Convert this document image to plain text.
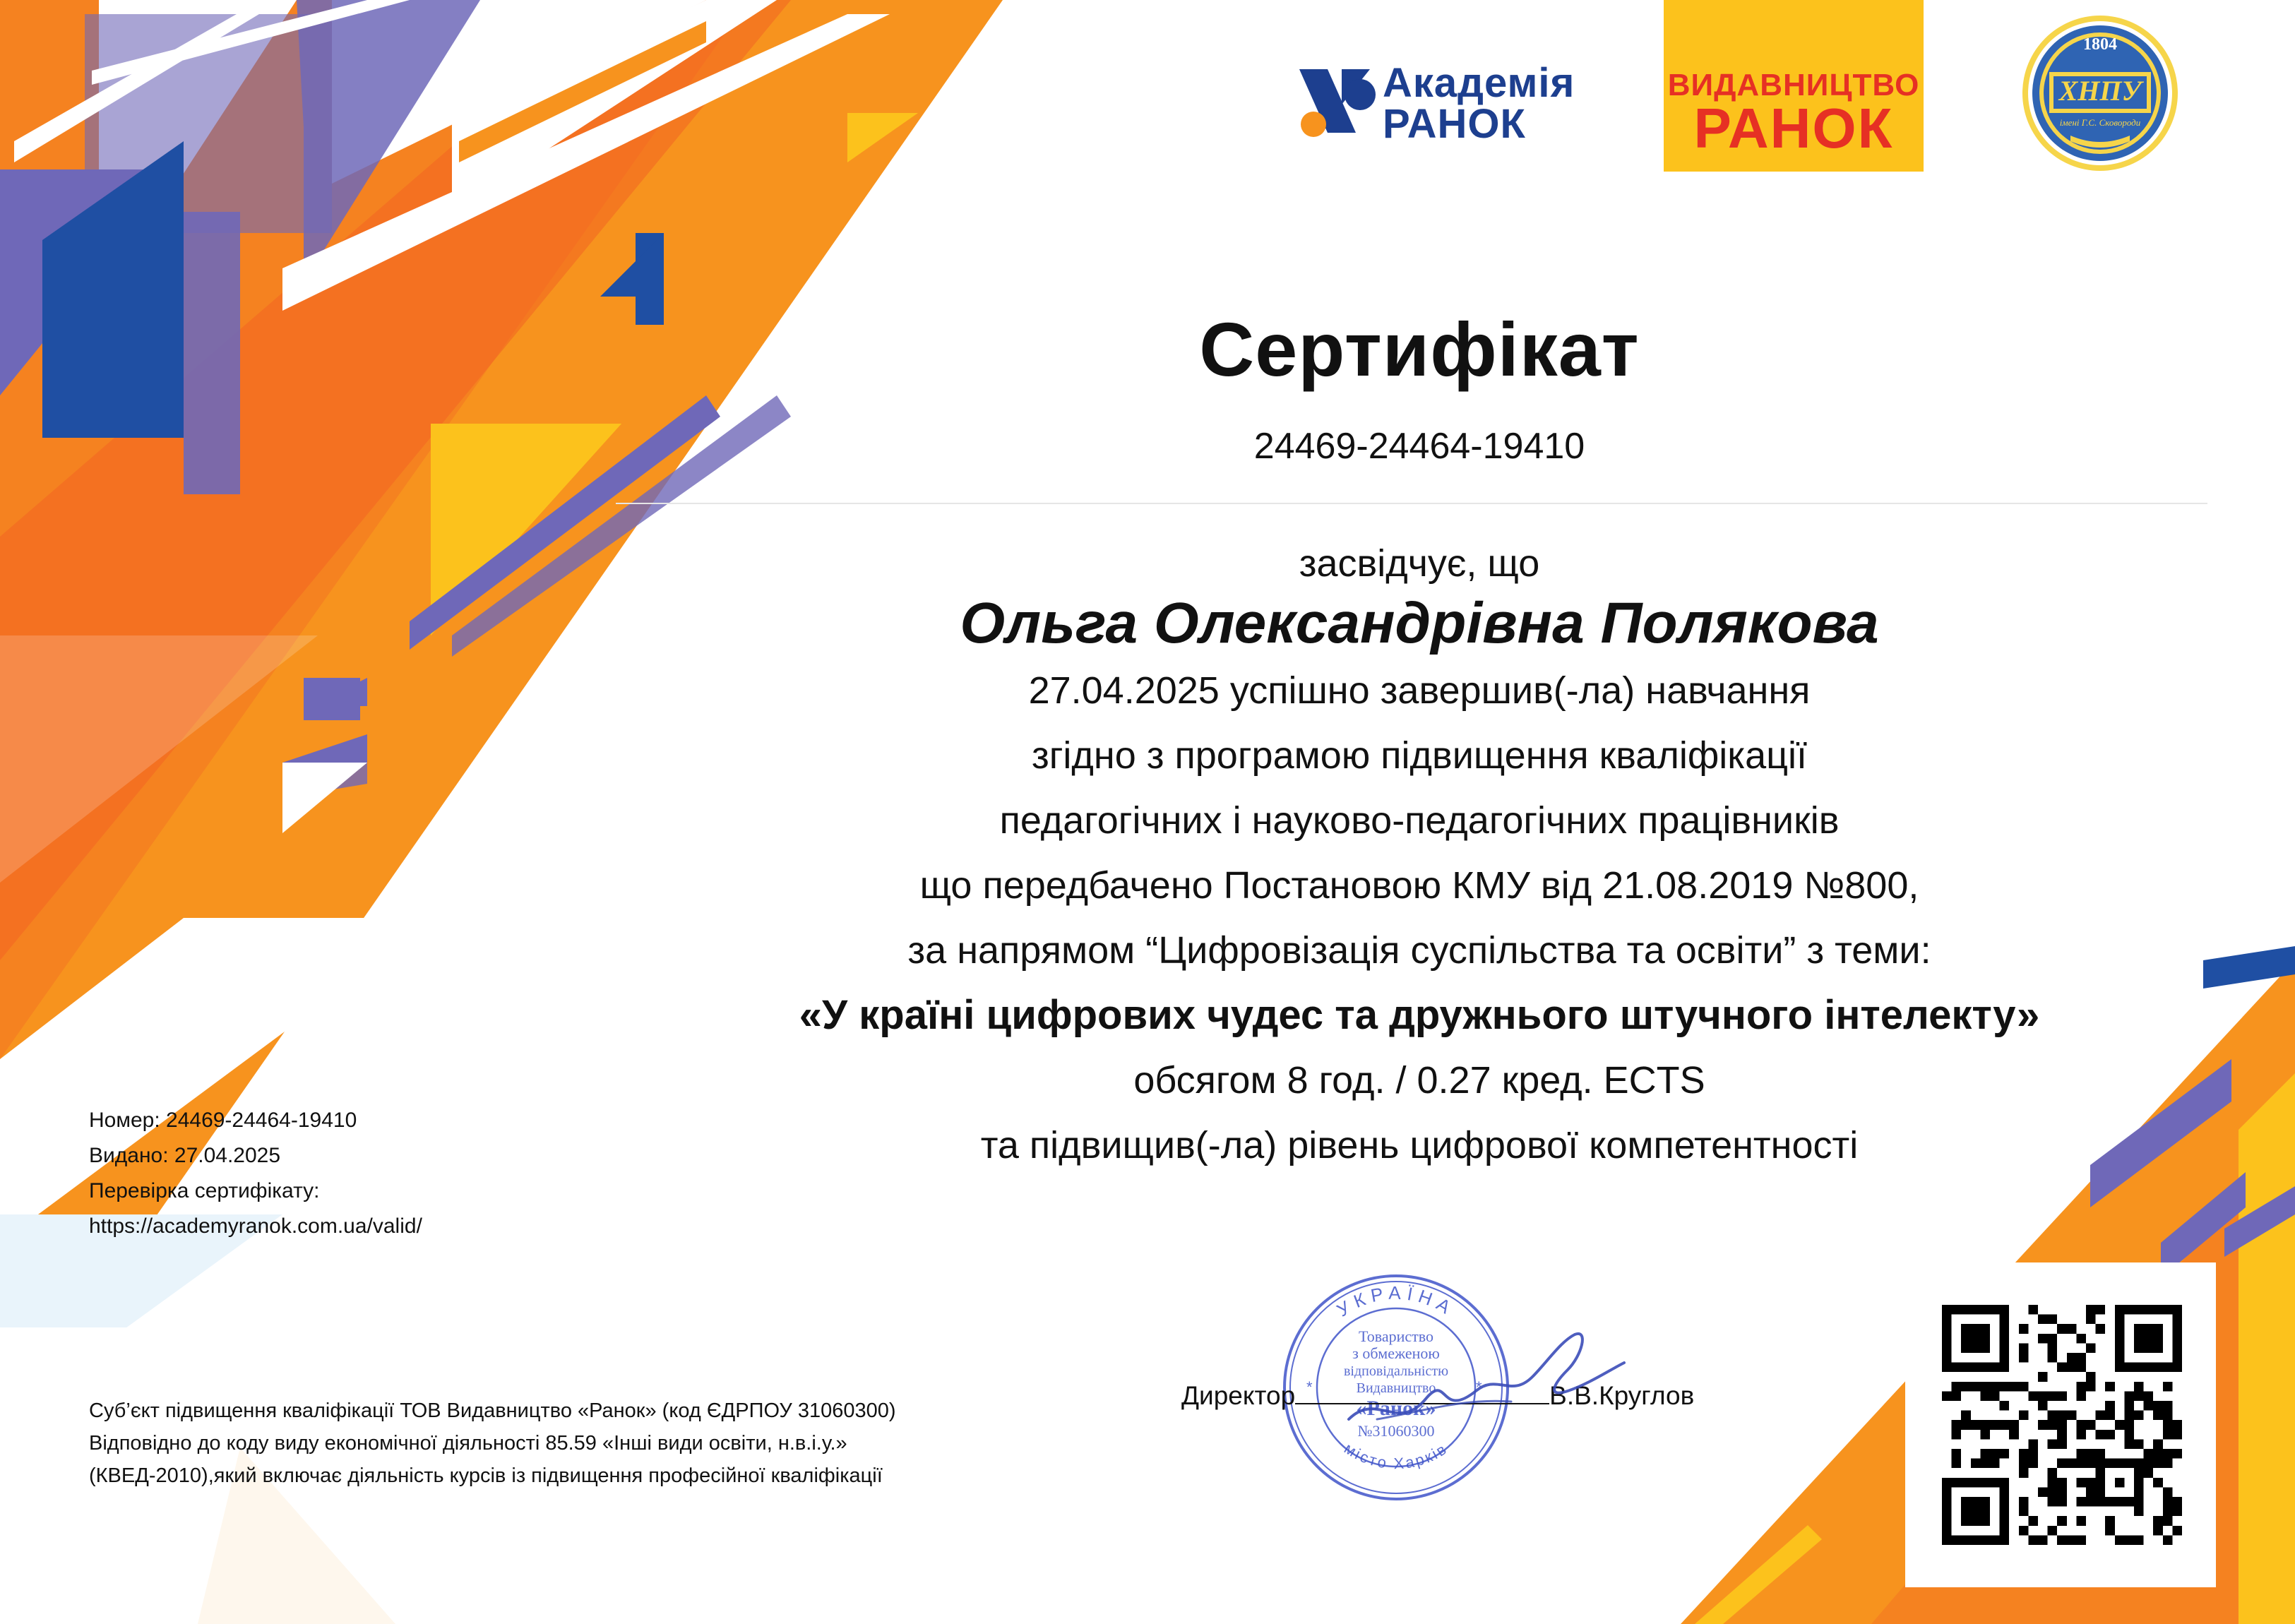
Академія
РАНОК
ВИДАВНИЦТВО
РАНОК
1804
ХНПУ
імені Г.С. Сковороди
Сертифікат
24469-24464-19410
засвідчує, що
Ольга Олександрівна Полякова
27.04.2025 успішно завершив(-ла) навчання
згідно з програмою підвищення кваліфікації
педагогічних і науково-педагогічних працівників
що передбачено Постановою КМУ від 21.08.2019 №800,
за напрямом “Цифровізація суспільства та освіти” з теми:
«У країні цифрових чудес та дружнього штучного інтелекту»
обсягом 8 год. / 0.27 кред. ECTS
та підвищив(-ла) рівень цифрової компетентності
Номер: 24469-24464-19410
Видано: 27.04.2025
Перевірка сертифікату:
https://academyranok.com.ua/valid/
Суб’єкт підвищення кваліфікації ТОВ Видавництво «Ранок» (код ЄДРПОУ 31060300)
Відповідно до коду виду економічної діяльності 85.59 «Інші види освіти, н.в.і.у.»
(КВЕД-2010),який включає діяльність курсів із підвищення професійної кваліфікації
УКРАЇНА
місто Харків
Товариство
з обмеженою
відповідальністю
Видавництво
«Ранок»
№31060300
*	*
Директор	В.В.Круглов
